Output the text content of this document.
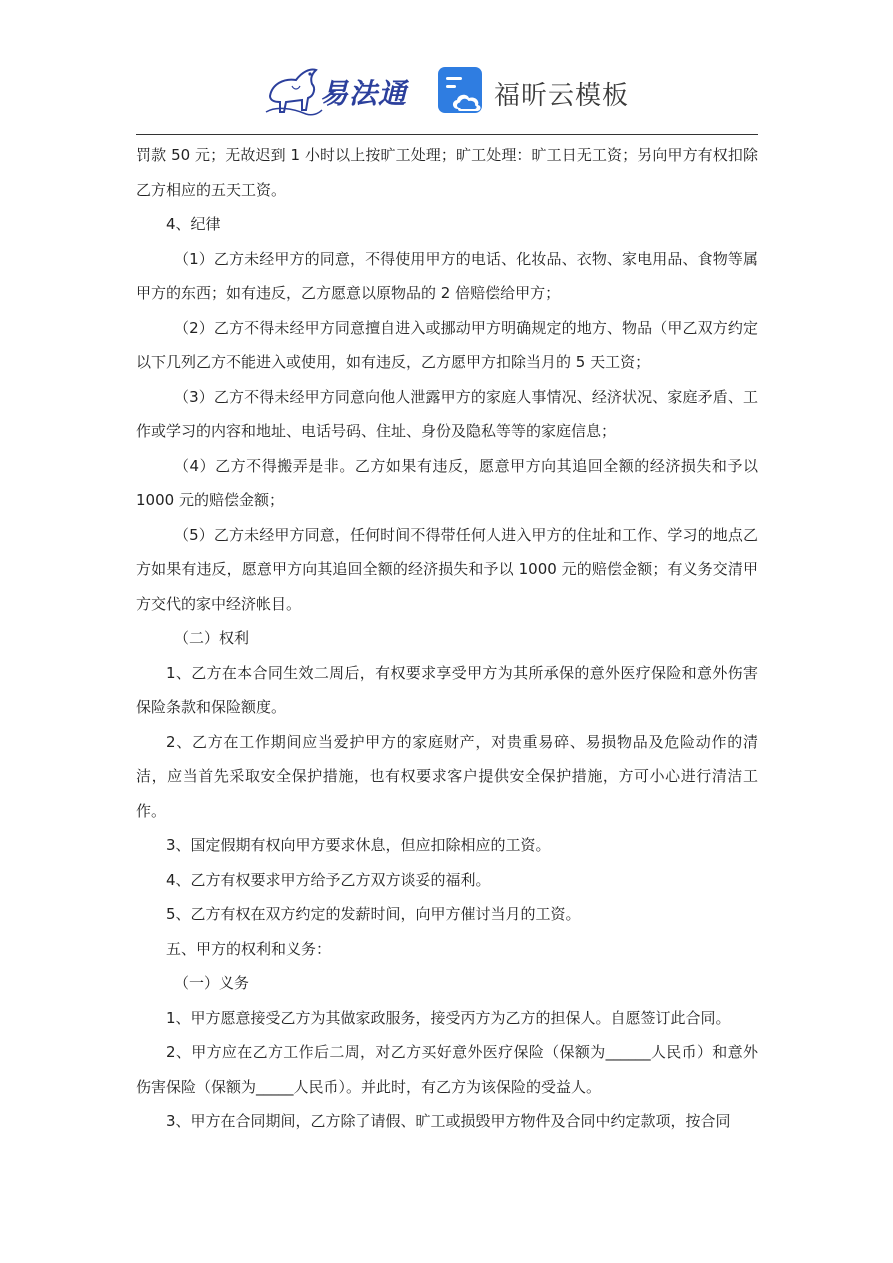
易法通	福昕云模板

罚款 50 元；无故迟到 1 小时以上按旷工处理；旷工处理：旷工日无工资；另向甲方有权扣除乙方相应的五天工资。

4、纪律

（1）乙方未经甲方的同意，不得使用甲方的电话、化妆品、衣物、家电用品、食物等属甲方的东西；如有违反，乙方愿意以原物品的 2 倍赔偿给甲方；

（2）乙方不得未经甲方同意擅自进入或挪动甲方明确规定的地方、物品（甲乙双方约定以下几列乙方不能进入或使用，如有违反，乙方愿甲方扣除当月的 5 天工资；

（3）乙方不得未经甲方同意向他人泄露甲方的家庭人事情况、经济状况、家庭矛盾、工作或学习的内容和地址、电话号码、住址、身份及隐私等等的家庭信息；

（4）乙方不得搬弄是非。乙方如果有违反，愿意甲方向其追回全额的经济损失和予以 1000 元的赔偿金额；

（5）乙方未经甲方同意，任何时间不得带任何人进入甲方的住址和工作、学习的地点乙方如果有违反，愿意甲方向其追回全额的经济损失和予以 1000 元的赔偿金额；有义务交清甲方交代的家中经济帐目。

（二）权利

1、乙方在本合同生效二周后，有权要求享受甲方为其所承保的意外医疗保险和意外伤害保险条款和保险额度。

2、乙方在工作期间应当爱护甲方的家庭财产，对贵重易碎、易损物品及危险动作的清洁，应当首先采取安全保护措施，也有权要求客户提供安全保护措施，方可小心进行清洁工作。

3、国定假期有权向甲方要求休息，但应扣除相应的工资。

4、乙方有权要求甲方给予乙方双方谈妥的福利。

5、乙方有权在双方约定的发薪时间，向甲方催讨当月的工资。

五、甲方的权利和义务：

（一）义务

1、甲方愿意接受乙方为其做家政服务，接受丙方为乙方的担保人。自愿签订此合同。

2、甲方应在乙方工作后二周，对乙方买好意外医疗保险（保额为______人民币）和意外伤害保险（保额为_____人民币）。并此时，有乙方为该保险的受益人。

3、甲方在合同期间，乙方除了请假、旷工或损毁甲方物件及合同中约定款项，按合同
